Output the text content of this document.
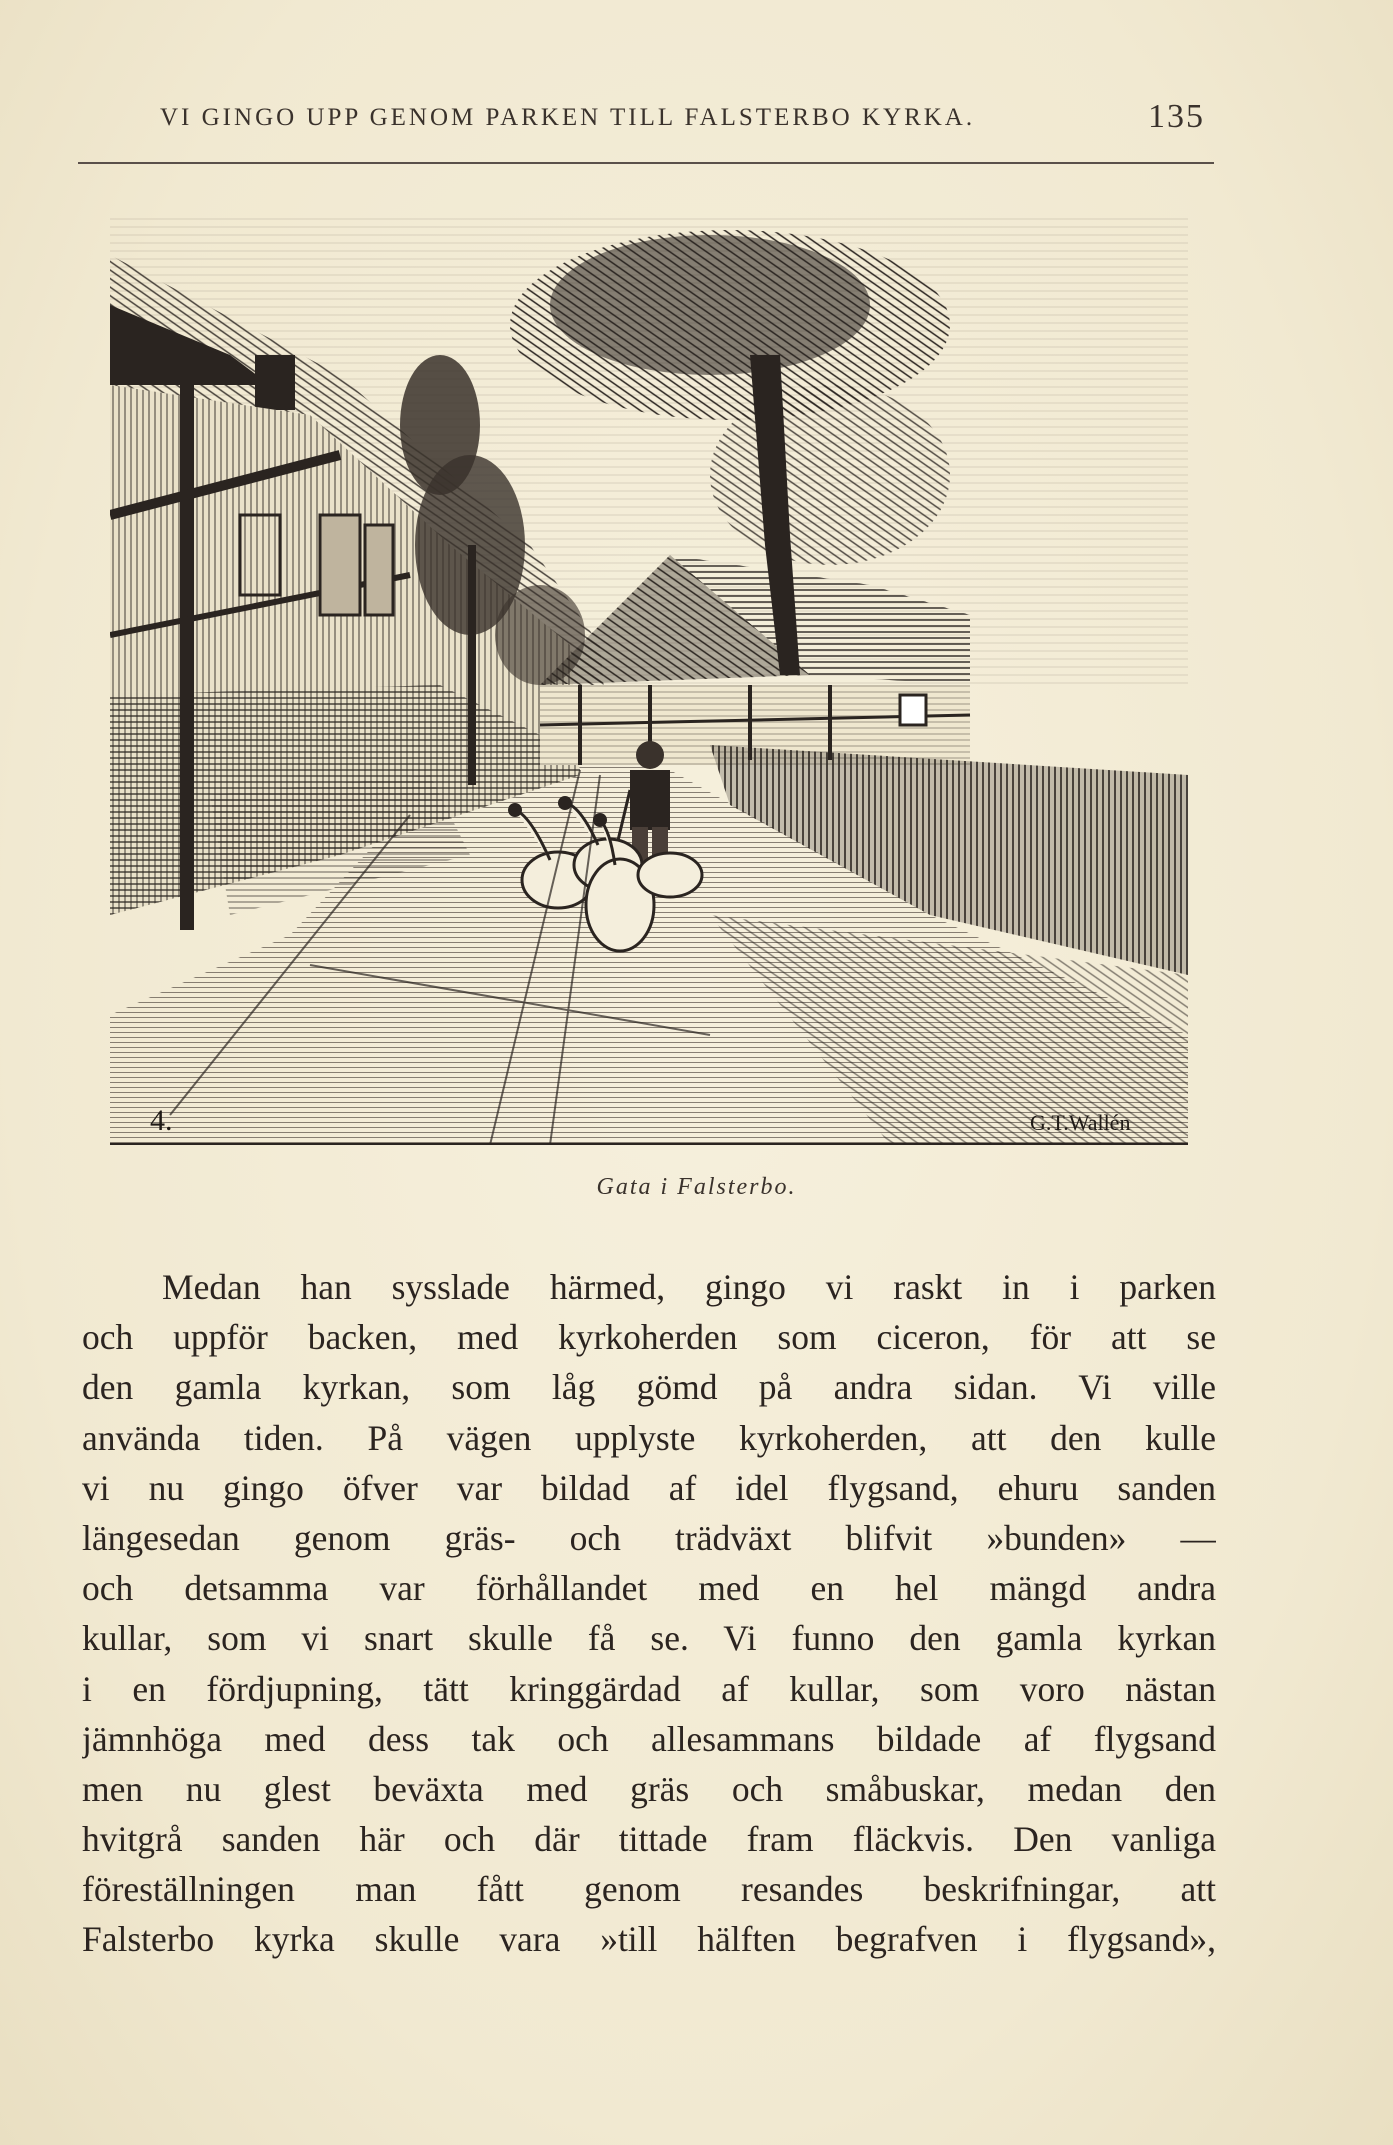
VI GINGO UPP GENOM PARKEN TILL FALSTERBO KYRKA.	135
4.	G.T.Wallén
Gata i Falsterbo.
Medan han sysslade härmed, gingo vi raskt in i parken
och uppför backen, med kyrkoherden som ciceron, för att se
den gamla kyrkan, som låg gömd på andra sidan. Vi ville
använda tiden. På vägen upplyste kyrkoherden, att den kulle
vi nu gingo öfver var bildad af idel flygsand, ehuru sanden
längesedan genom gräs- och trädväxt blifvit »bunden» —
och detsamma var förhållandet med en hel mängd andra
kullar, som vi snart skulle få se. Vi funno den gamla kyrkan
i en fördjupning, tätt kringgärdad af kullar, som voro nästan
jämnhöga med dess tak och allesammans bildade af flygsand
men nu glest beväxta med gräs och småbuskar, medan den
hvitgrå sanden här och där tittade fram fläckvis. Den vanliga
föreställningen man fått genom resandes beskrifningar, att
Falsterbo kyrka skulle vara »till hälften begrafven i flygsand»,
